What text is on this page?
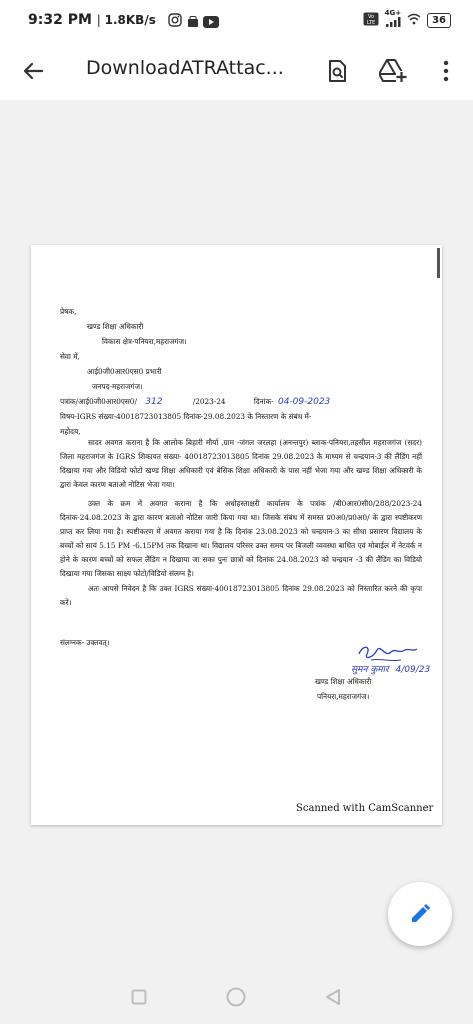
9:32 PM | 1.8KB/s	Vo
LTE
4G+
36
DownloadATRAttac...
प्रेषक,
खण्ड शिक्षा अधिकारी
विकास क्षेत्र-पनियरा,महराजगंज।
सेवा में,
आई0जी0आर0एस0 प्रभारी
जनपद-महराजगंज।
पत्रांक/आई0जी0आर0एस0/ 312	/2023-24	दिनांक- 04-09-2023
विषय-IGRS संख्या-40018723013805 दिनांक-29.08.2023 के निस्तारण के संबंध में-
महोदय,
सादर अवगत कराना है कि आलोक बिहारी मौर्या ,ग्राम -जंगल जरलहा (अनन्तपुर) ब्लाक-पनियरा,तहसील महराजगंज (सदर) जिला महराजगंज के IGRS शिकायत संख्या- 40018723013805 दिनांक 29.08.2023 के माध्यम से चन्द्रयान-3 की लैंडिंग नहीं दिखाया गया और विडियो फोटो खण्ड शिक्षा अधिकारी एवं बेसिक शिक्षा अधिकारी के पास नहीं भेजा गया और खण्ड शिक्षा अधिकारी के द्वारा केवल कारण बताओ नोटिस भेजा गया।
उक्त के क्रम में अवगत कराना है कि अधोहस्ताक्षरी कार्यालय के पत्रांक /बी0आर0सी0/288/2023-24 दिनांक-24.08.2023 के द्वारा कारण बताओ नोटिस जारी किया गया था। जिसके संबंध में समस्त प्र0अ0/प्र0अ0/ के द्वारा स्पष्टीकरण प्राप्त कर लिया गया है। स्पष्टीकरण में अवगत कराया गया है कि दिनांक 23.08.2023 को चन्द्रयान-3 का सीधा प्रसारण विद्यालय के बच्चों को सायं 5.15 PM -6.15PM तक दिखाना था। विद्यालय परिसर उक्त समय पर बिजली व्यवस्था बाधित एवं मोबाईल में नेटवर्क न होने के कारण बच्चों को सफल लैंडिग न दिखाया जा सका पुनः छात्रों को दिनांक 24.08.2023 को चन्द्रयान -3 की लैंडिंग का विडियो दिखाया गया जिसका साक्ष्य फोटो/विडियो संलग्न है।
अतः आपसे निवेदन है कि उक्त IGRS संख्या-40018723013805 दिनांक 29.08.2023 को निस्तारित करने की कृपा करें।
संलग्नक- उक्तवत्।
सुमन कुमार 4/09/23
खण्ड शिक्षा अधिकारी
पनियरा,महराजगंज।
Scanned with CamScanner
